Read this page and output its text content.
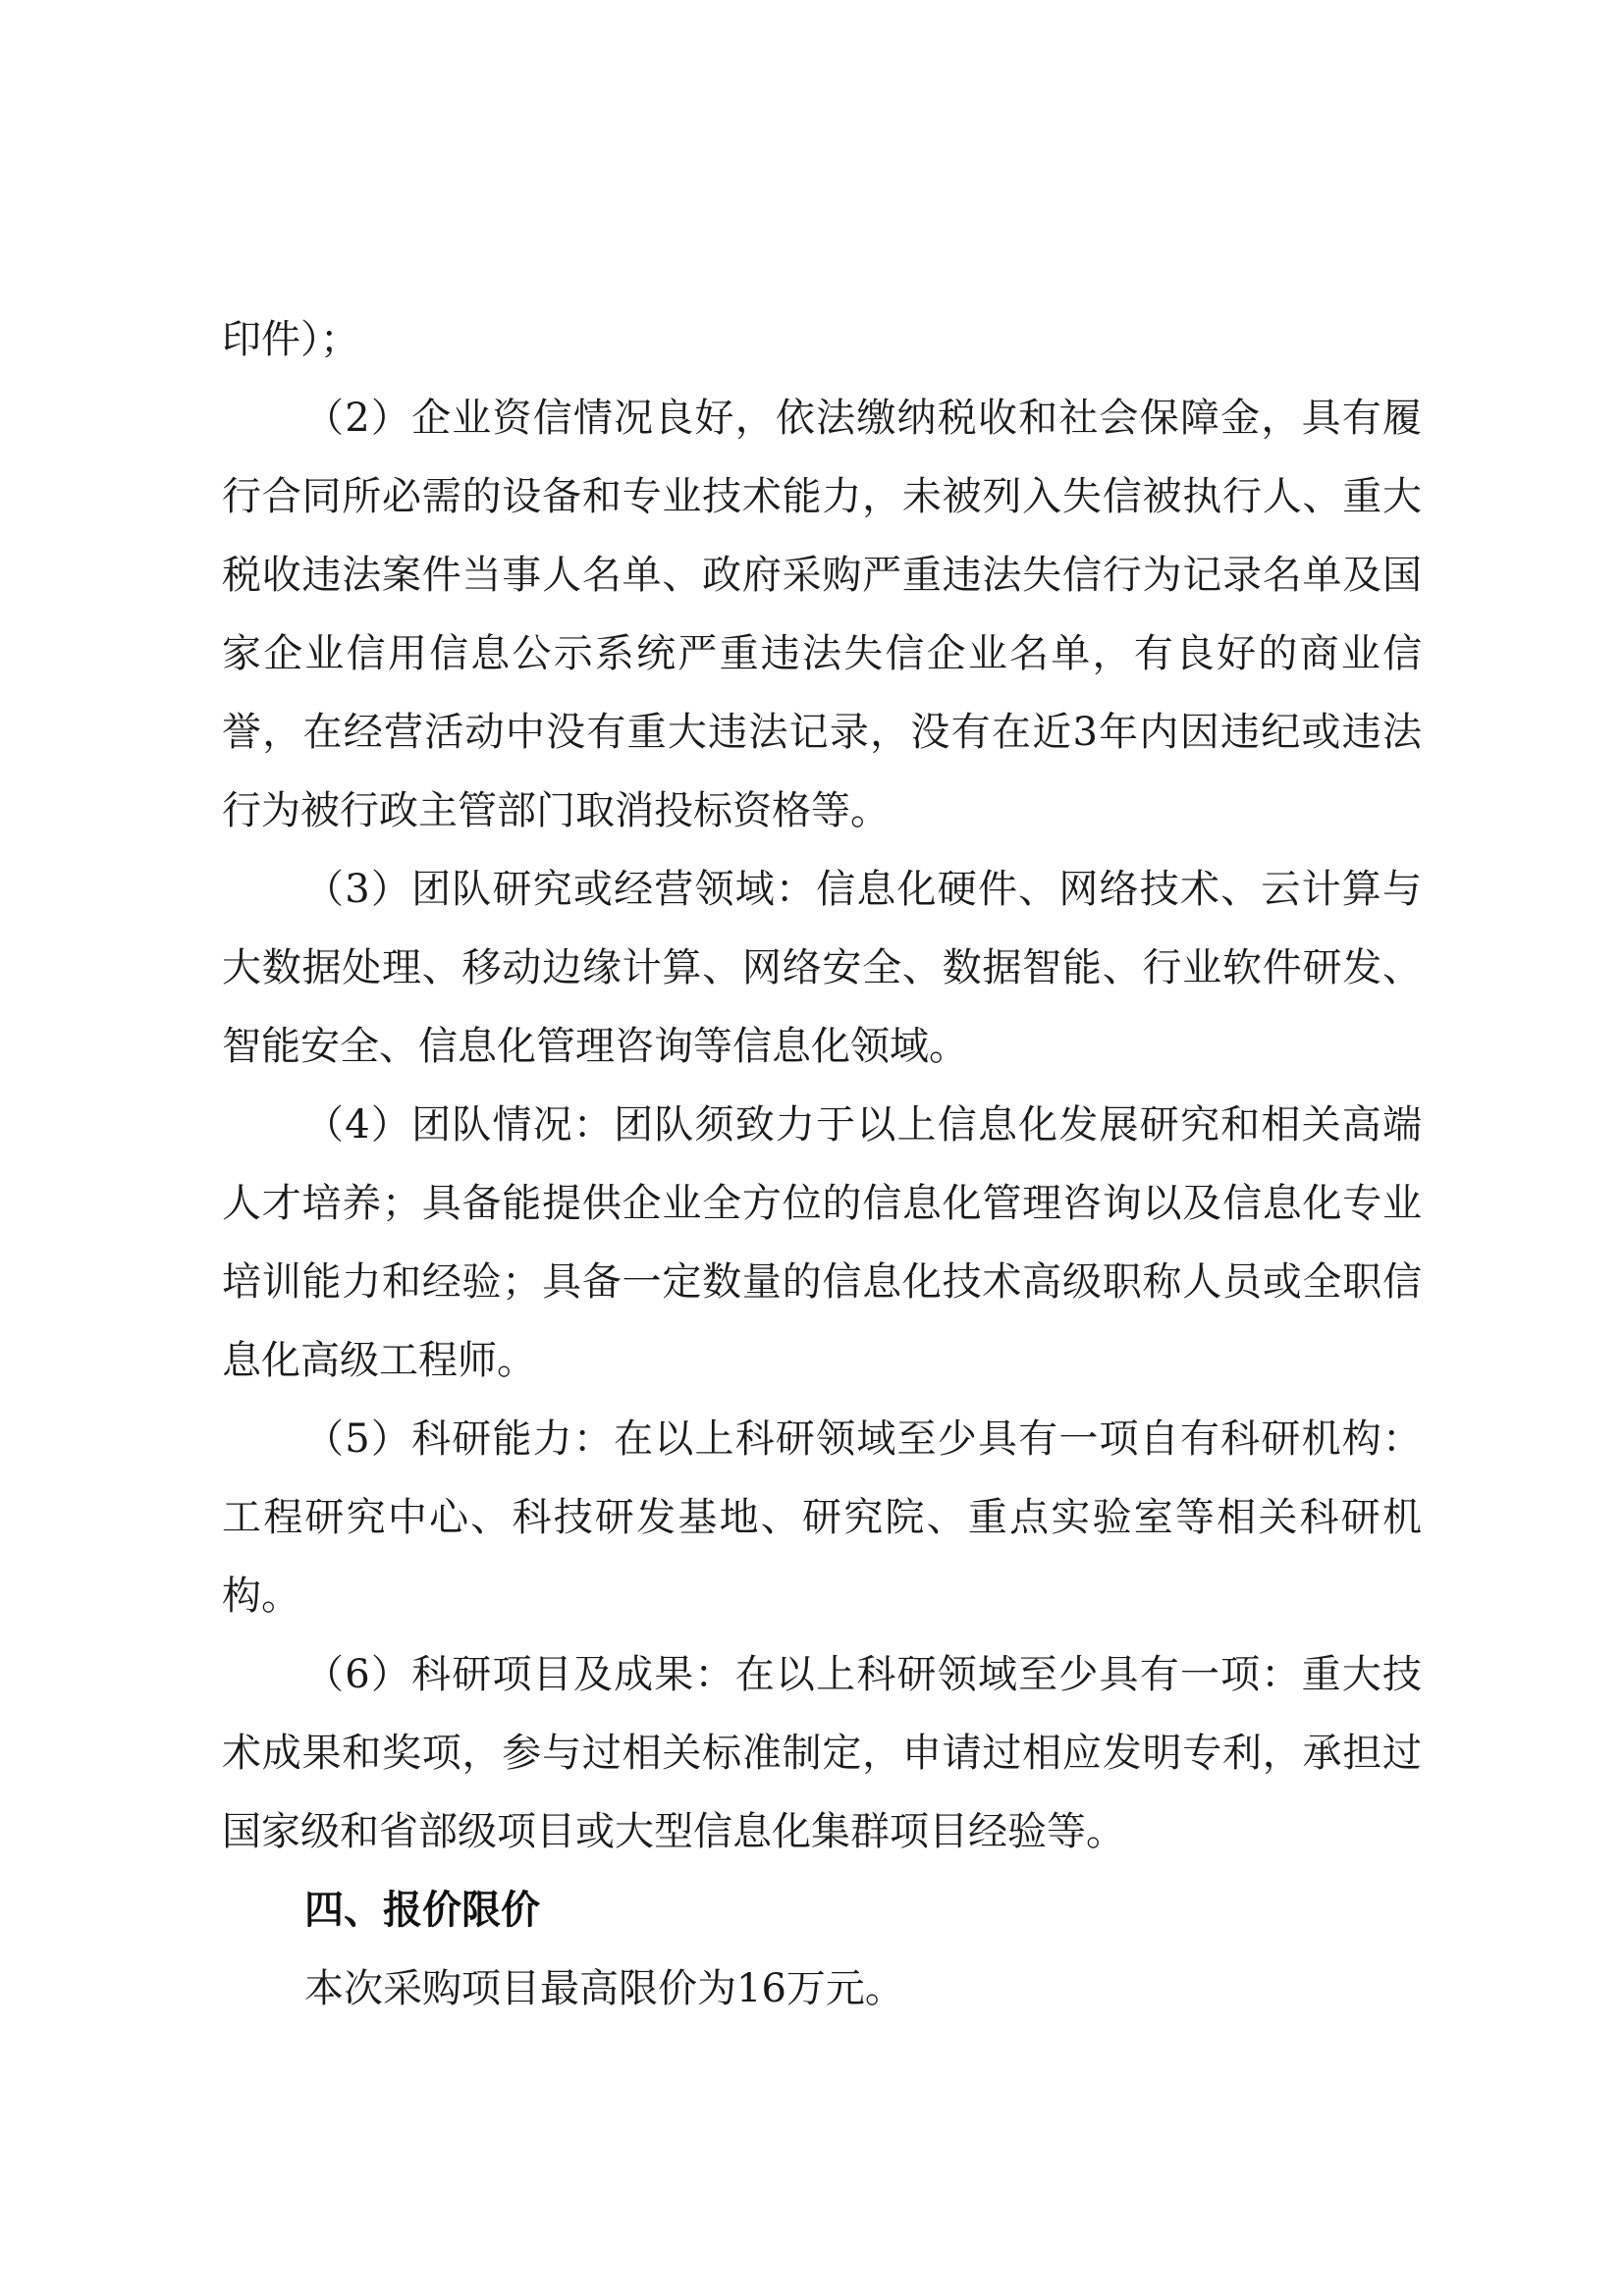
印件）；

（2）企业资信情况良好，依法缴纳税收和社会保障金，具有履行合同所必需的设备和专业技术能力，未被列入失信被执行人、重大税收违法案件当事人名单、政府采购严重违法失信行为记录名单及国家企业信用信息公示系统严重违法失信企业名单，有良好的商业信誉，在经营活动中没有重大违法记录，没有在近3年内因违纪或违法行为被行政主管部门取消投标资格等。

（3）团队研究或经营领域：信息化硬件、网络技术、云计算与大数据处理、移动边缘计算、网络安全、数据智能、行业软件研发、智能安全、信息化管理咨询等信息化领域。

（4）团队情况：团队须致力于以上信息化发展研究和相关高端人才培养；具备能提供企业全方位的信息化管理咨询以及信息化专业培训能力和经验；具备一定数量的信息化技术高级职称人员或全职信息化高级工程师。

（5）科研能力：在以上科研领域至少具有一项自有科研机构：工程研究中心、科技研发基地、研究院、重点实验室等相关科研机构。

（6）科研项目及成果：在以上科研领域至少具有一项：重大技术成果和奖项，参与过相关标准制定，申请过相应发明专利，承担过国家级和省部级项目或大型信息化集群项目经验等。

四、报价限价

本次采购项目最高限价为16万元。
